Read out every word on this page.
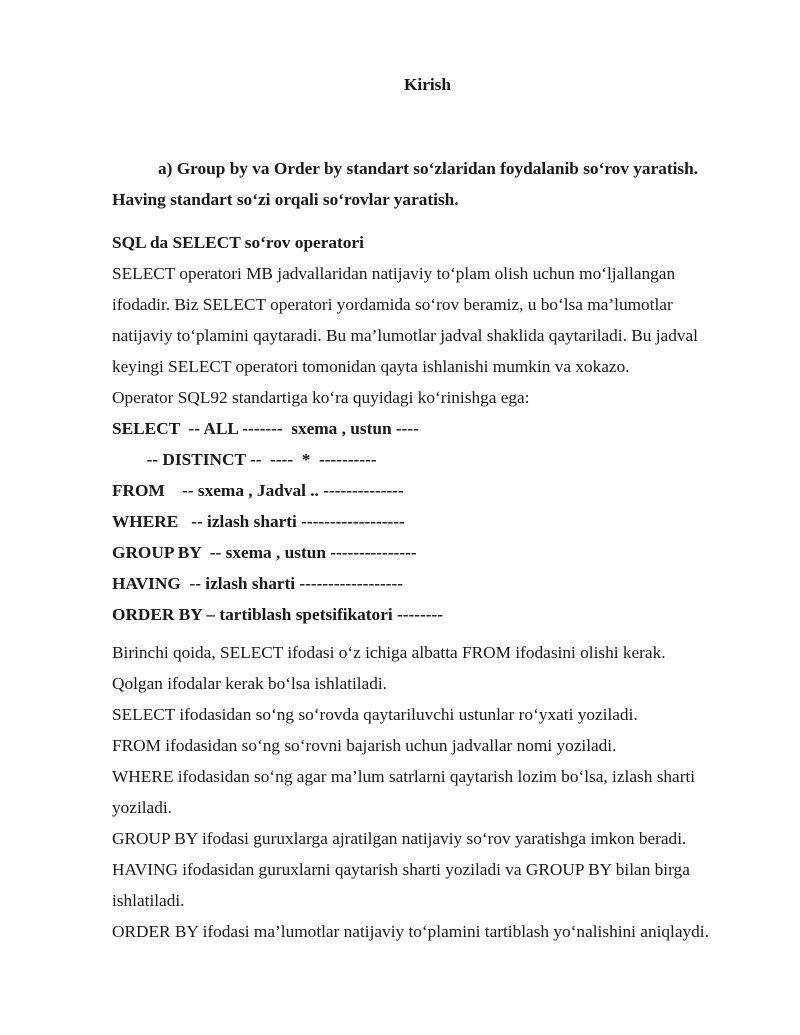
Kirish
a) Group by va Order by standart so‘zlaridan foydalanib so‘rov yaratish.
Having standart so‘zi orqali so‘rovlar yaratish.
SQL da SELECT so‘rov operatori
SELECT operatori MB jadvallaridan natijaviy to‘plam olish uchun mo‘ljallangan
ifodadir. Biz SELECT operatori yordamida so‘rov beramiz, u bo‘lsa ma’lumotlar
natijaviy to‘plamini qaytaradi. Bu ma’lumotlar jadval shaklida qaytariladi. Bu jadval
keyingi SELECT operatori tomonidan qayta ishlanishi mumkin va xokazo.
Operator SQL92 standartiga ko‘ra quyidagi ko‘rinishga ega:
SELECT  -- ALL -------  sxema , ustun ----
-- DISTINCT --  ----  *  ----------
FROM    -- sxema , Jadval .. --------------
WHERE   -- izlash sharti ------------------
GROUP BY  -- sxema , ustun ---------------
HAVING  -- izlash sharti ------------------
ORDER BY – tartiblash spetsifikatori --------
Birinchi qoida, SELECT ifodasi o‘z ichiga albatta FROM ifodasini olishi kerak.
Qolgan ifodalar kerak bo‘lsa ishlatiladi.
SELECT ifodasidan so‘ng so‘rovda qaytariluvchi ustunlar ro‘yxati yoziladi.
FROM ifodasidan so‘ng so‘rovni bajarish uchun jadvallar nomi yoziladi.
WHERE ifodasidan so‘ng agar ma’lum satrlarni qaytarish lozim bo‘lsa, izlash sharti
yoziladi.
GROUP BY ifodasi guruxlarga ajratilgan natijaviy so‘rov yaratishga imkon beradi.
HAVING ifodasidan guruxlarni qaytarish sharti yoziladi va GROUP BY bilan birga
ishlatiladi.
ORDER BY ifodasi ma’lumotlar natijaviy to‘plamini tartiblash yo‘nalishini aniqlaydi.
